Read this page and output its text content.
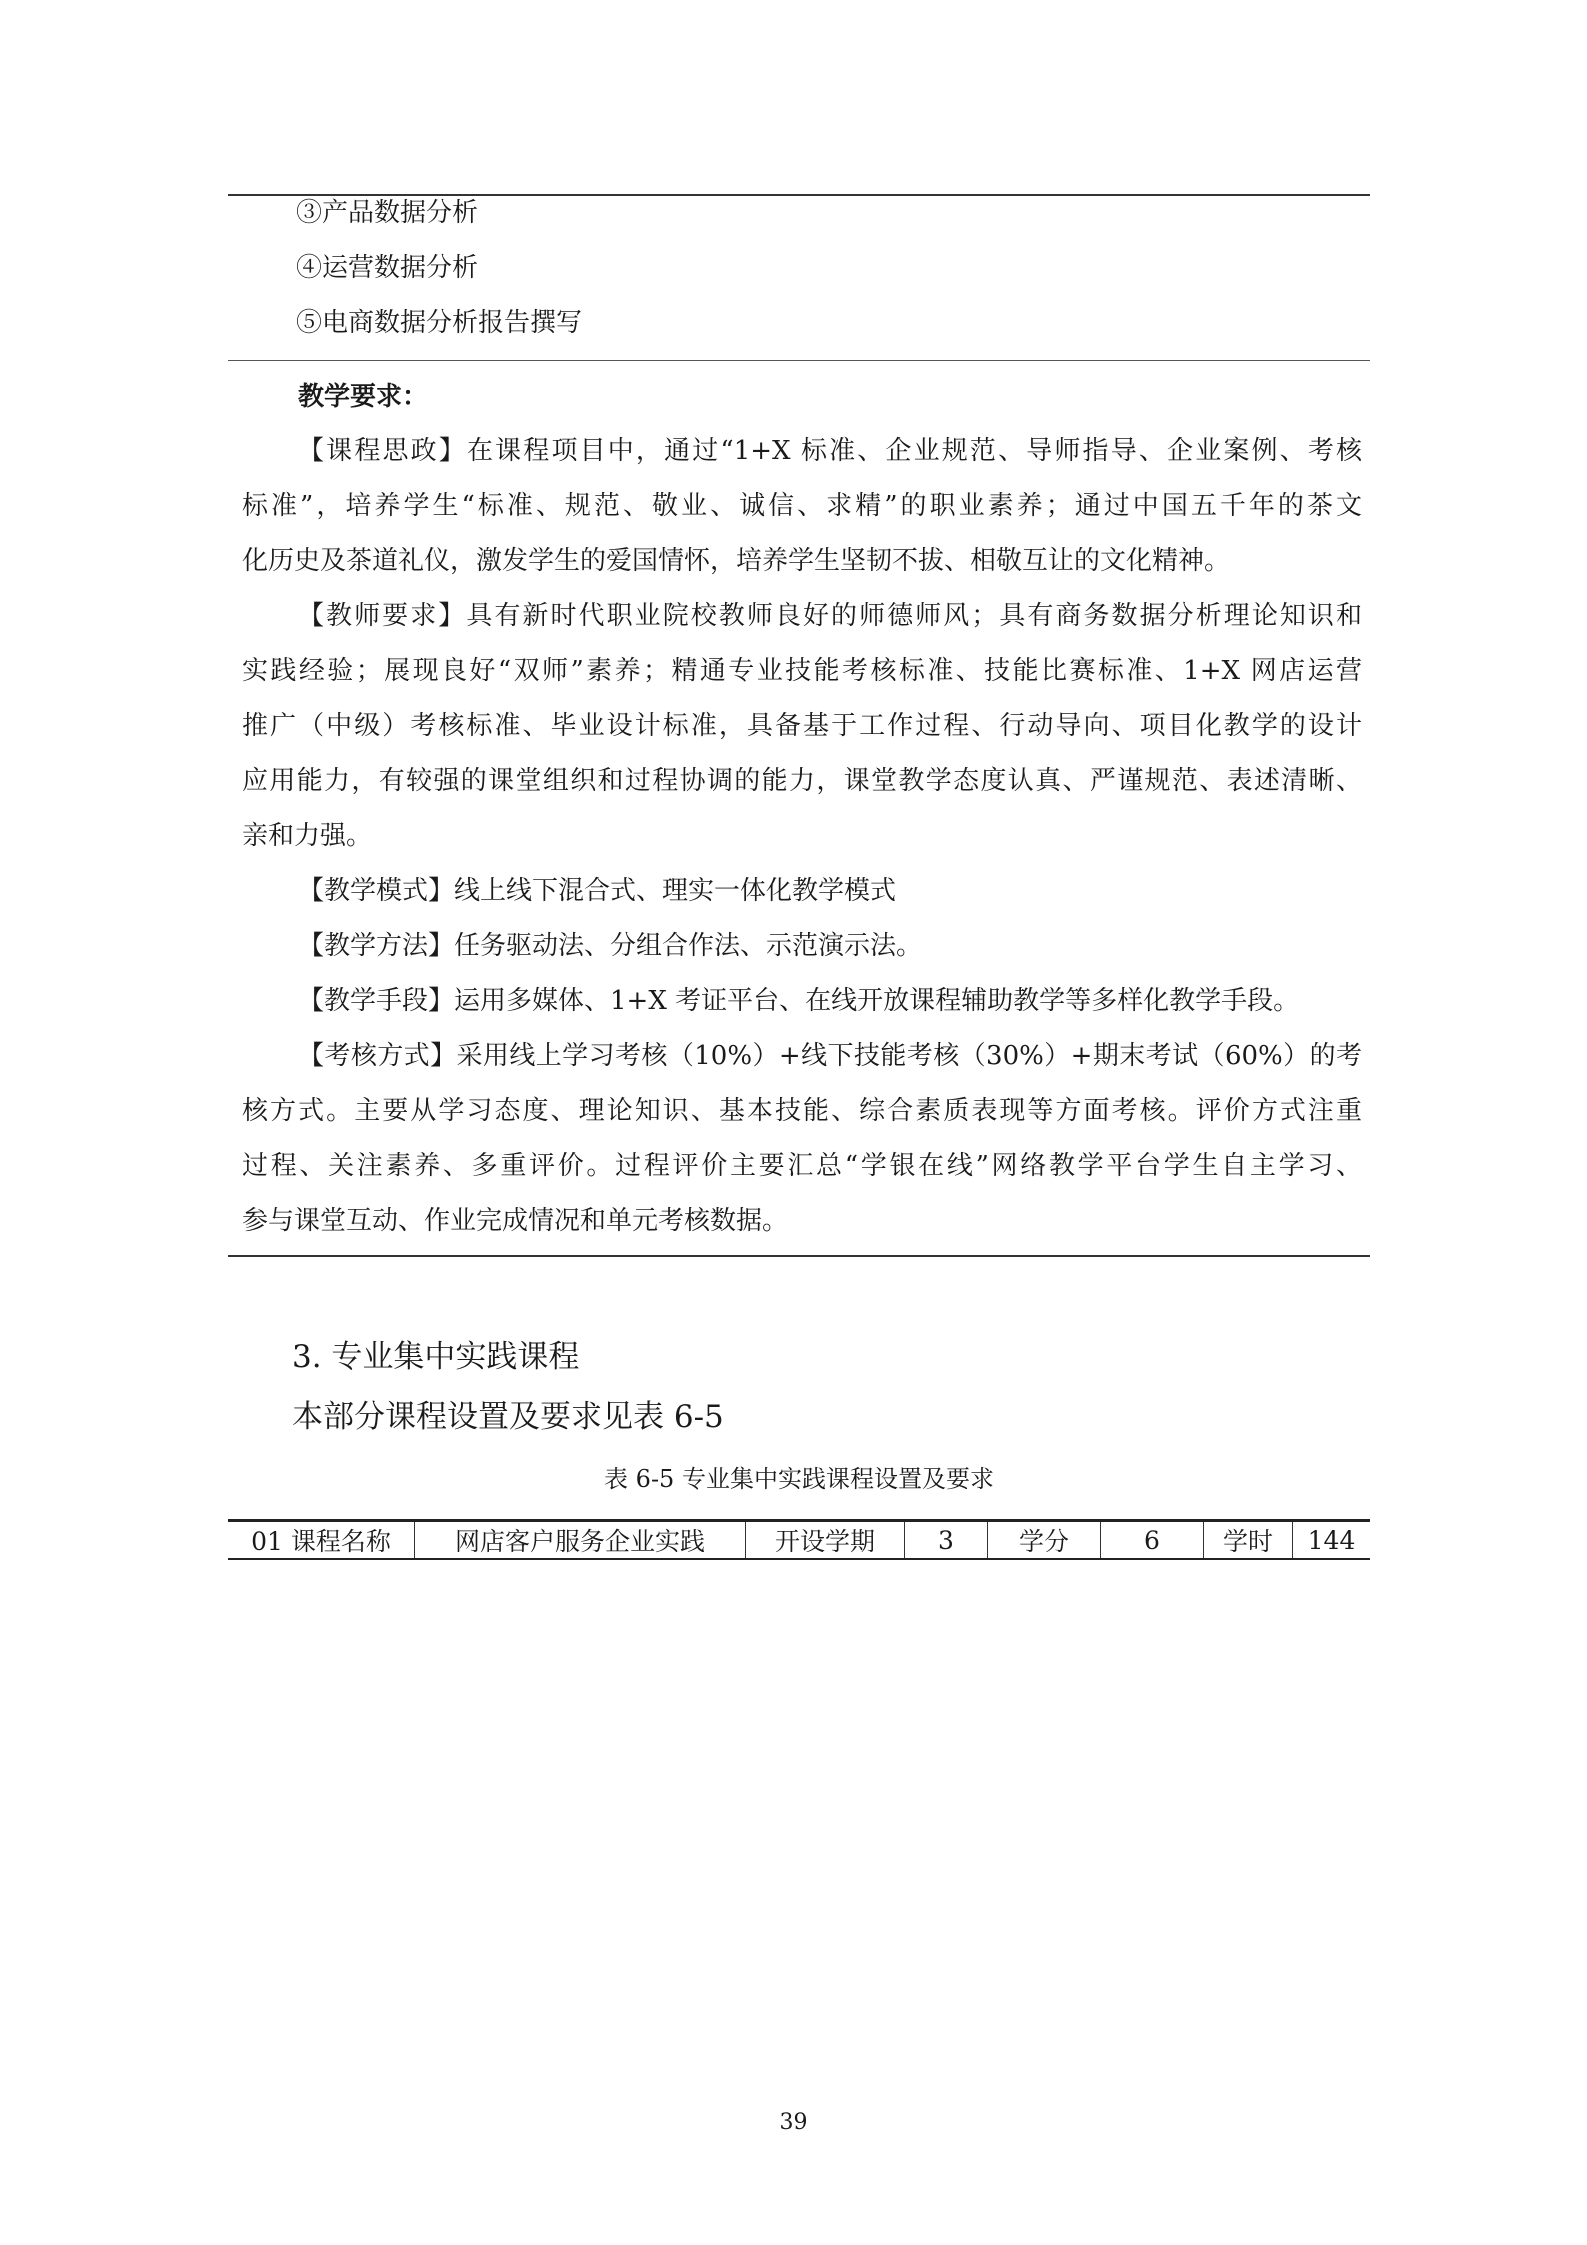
③产品数据分析
④运营数据分析
⑤电商数据分析报告撰写
教学要求：
【课程思政】在课程项目中，通过“1+X 标准、企业规范、导师指导、企业案例、考核
标准”，培养学生“标准、规范、敬业、诚信、求精”的职业素养；通过中国五千年的茶文
化历史及茶道礼仪，激发学生的爱国情怀，培养学生坚韧不拔、相敬互让的文化精神。
【教师要求】具有新时代职业院校教师良好的师德师风；具有商务数据分析理论知识和
实践经验；展现良好“双师”素养；精通专业技能考核标准、技能比赛标准、1+X 网店运营
推广（中级）考核标准、毕业设计标准，具备基于工作过程、行动导向、项目化教学的设计
应用能力，有较强的课堂组织和过程协调的能力，课堂教学态度认真、严谨规范、表述清晰、
亲和力强。
【教学模式】线上线下混合式、理实一体化教学模式
【教学方法】任务驱动法、分组合作法、示范演示法。
【教学手段】运用多媒体、1+X 考证平台、在线开放课程辅助教学等多样化教学手段。
【考核方式】采用线上学习考核（10%）+线下技能考核（30%）+期末考试（60%）的考
核方式。主要从学习态度、理论知识、基本技能、综合素质表现等方面考核。评价方式注重
过程、关注素养、多重评价。过程评价主要汇总“学银在线”网络教学平台学生自主学习、
参与课堂互动、作业完成情况和单元考核数据。
3. 专业集中实践课程
本部分课程设置及要求见表 6-5
表 6-5 专业集中实践课程设置及要求
01 课程名称	网店客户服务企业实践	开设学期	3	学分	6	学时	144
39
